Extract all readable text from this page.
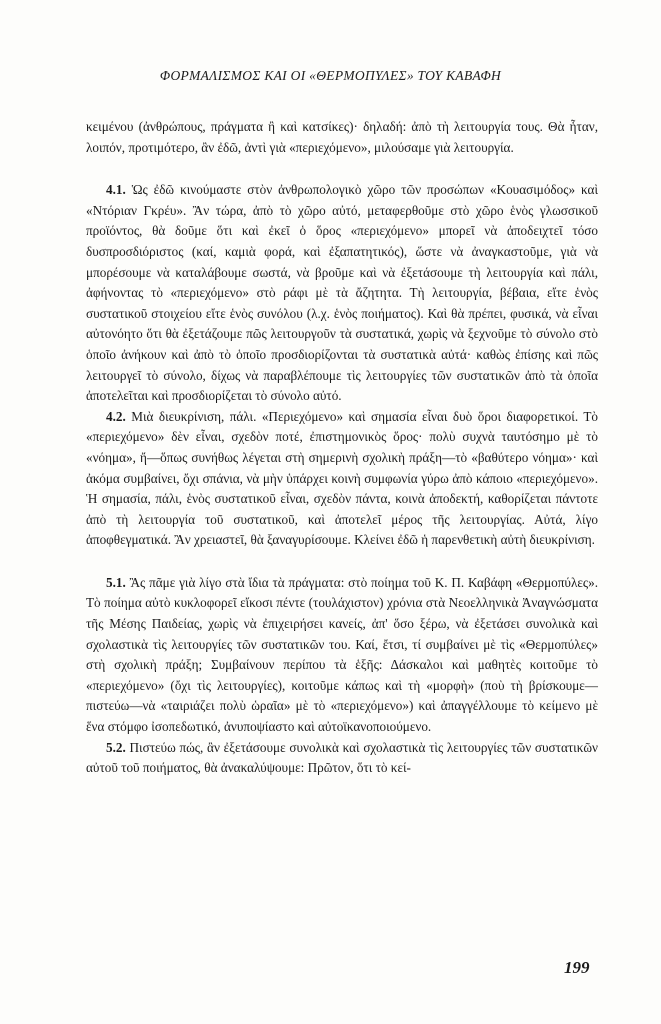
ΦΟΡΜΑΛΙΣΜΟΣ ΚΑΙ ΟΙ «ΘΕΡΜΟΠΥΛΕΣ» ΤΟΥ ΚΑΒΑΦΗ

κειμένου (ἀνθρώπους, πράγματα ἢ καὶ κατσίκες)· δηλαδή: ἀπὸ τὴ λειτουργία τους. Θὰ ἦταν, λοιπόν, προτιμότερο, ἂν ἐδῶ, ἀντὶ γιὰ «περιεχόμενο», μιλούσαμε γιὰ λειτουργία.

4.1. Ὡς ἐδῶ κινούμαστε στὸν ἀνθρωπολογικὸ χῶρο τῶν προσώπων «Κουασιμόδος» καὶ «Ντόριαν Γκρέυ». Ἂν τώρα, ἀπὸ τὸ χῶρο αὐτό, μεταφερθοῦμε στὸ χῶρο ἑνὸς γλωσσικοῦ προϊόντος, θὰ δοῦμε ὅτι καὶ ἐκεῖ ὁ ὅρος «περιεχόμενο» μπορεῖ νὰ ἀποδειχτεῖ τόσο δυσπροσδιόριστος (καί, καμιὰ φορά, καὶ ἐξαπατητικός), ὥστε νὰ ἀναγκαστοῦμε, γιὰ νὰ μπορέσουμε νὰ καταλάβουμε σωστά, νὰ βροῦμε καὶ νὰ ἐξετάσουμε τὴ λειτουργία καὶ πάλι, ἀφήνοντας τὸ «περιεχόμενο» στὸ ράφι μὲ τὰ ἄζητητα. Τὴ λειτουργία, βέβαια, εἴτε ἑνὸς συστατικοῦ στοιχείου εἴτε ἑνὸς συνόλου (λ.χ. ἑνὸς ποιήματος). Καὶ θὰ πρέπει, φυσικά, νὰ εἶναι αὐτονόητο ὅτι θὰ ἐξετάζουμε πῶς λειτουργοῦν τὰ συστατικά, χωρὶς νὰ ξεχνοῦμε τὸ σύνολο στὸ ὁποῖο ἀνήκουν καὶ ἀπὸ τὸ ὁποῖο προσδιορίζονται τὰ συστατικὰ αὐτά· καθὼς ἐπίσης καὶ πῶς λειτουργεῖ τὸ σύνολο, δίχως νὰ παραβλέπουμε τὶς λειτουργίες τῶν συστατικῶν ἀπὸ τὰ ὁποῖα ἀποτελεῖται καὶ προσδιορίζεται τὸ σύνολο αὐτό.

4.2. Μιὰ διευκρίνιση, πάλι. «Περιεχόμενο» καὶ σημασία εἶναι δυὸ ὅροι διαφορετικοί. Τὸ «περιεχόμενο» δὲν εἶναι, σχεδὸν ποτέ, ἐπιστημονικὸς ὅρος· πολὺ συχνὰ ταυτόσημο μὲ τὸ «νόημα», ἤ—ὅπως συνήθως λέγεται στὴ σημερινὴ σχολικὴ πράξη—τὸ «βαθύτερο νόημα»· καὶ ἀκόμα συμβαίνει, ὄχι σπάνια, νὰ μὴν ὑπάρχει κοινὴ συμφωνία γύρω ἀπὸ κάποιο «περιεχόμενο». Ἡ σημασία, πάλι, ἑνὸς συστατικοῦ εἶναι, σχεδὸν πάντα, κοινὰ ἀποδεκτή, καθορίζεται πάντοτε ἀπὸ τὴ λειτουργία τοῦ συστατικοῦ, καὶ ἀποτελεῖ μέρος τῆς λειτουργίας. Αὐτά, λίγο ἀποφθεγματικά. Ἂν χρειαστεῖ, θὰ ξαναγυρίσουμε. Κλείνει ἐδῶ ἡ παρενθετικὴ αὐτὴ διευκρίνιση.

5.1. Ἂς πᾶμε γιὰ λίγο στὰ ἴδια τὰ πράγματα: στὸ ποίημα τοῦ Κ. Π. Καβάφη «Θερμοπύλες». Τὸ ποίημα αὐτὸ κυκλοφορεῖ εἴκοσι πέντε (τουλάχιστον) χρόνια στὰ Νεοελληνικὰ Ἀναγνώσματα τῆς Μέσης Παιδείας, χωρὶς νὰ ἐπιχειρήσει κανείς, ἀπ' ὅσο ξέρω, νὰ ἐξετάσει συνολικὰ καὶ σχολαστικὰ τὶς λειτουργίες τῶν συστατικῶν του. Καί, ἔτσι, τί συμβαίνει μὲ τὶς «Θερμοπύλες» στὴ σχολικὴ πράξη; Συμβαίνουν περίπου τὰ ἑξῆς: Δάσκαλοι καὶ μαθητὲς κοιτοῦμε τὸ «περιεχόμενο» (ὄχι τὶς λειτουργίες), κοιτοῦμε κάπως καὶ τὴ «μορφὴ» (ποὺ τὴ βρίσκουμε—πιστεύω—νὰ «ταιριάζει πολὺ ὡραῖα» μὲ τὸ «περιεχόμενο») καὶ ἀπαγγέλλουμε τὸ κείμενο μὲ ἕνα στόμφο ἰσοπεδωτικό, ἀνυποψίαστο καὶ αὐτοϊκανοποιούμενο.

5.2. Πιστεύω πώς, ἂν ἐξετάσουμε συνολικὰ καὶ σχολαστικὰ τὶς λειτουργίες τῶν συστατικῶν αὐτοῦ τοῦ ποιήματος, θὰ ἀνακαλύψουμε: Πρῶτον, ὅτι τὸ κεί-

199
